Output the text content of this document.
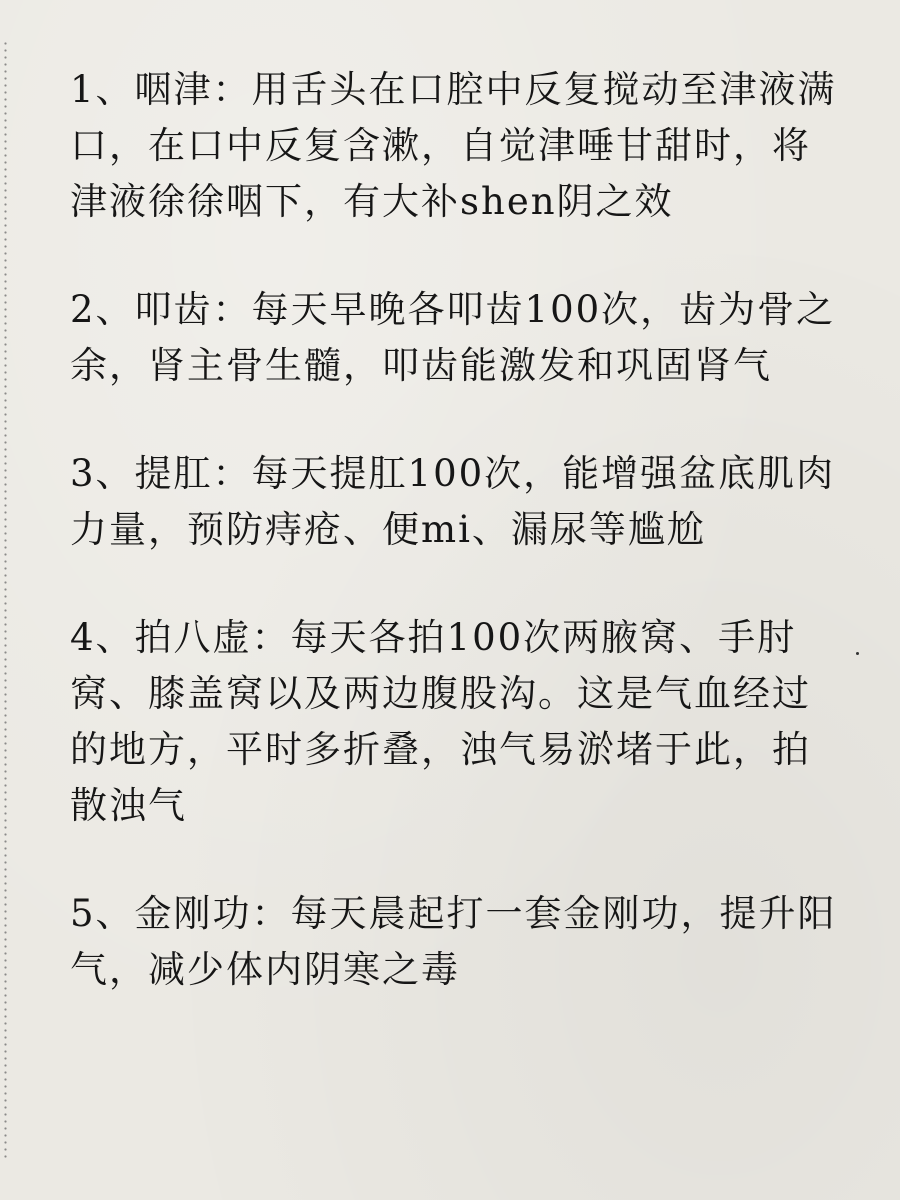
1、咽津：用舌头在口腔中反复搅动至津液满口，在口中反复含漱，自觉津唾甘甜时，将津液徐徐咽下，有大补shen阴之效

2、叩齿：每天早晚各叩齿100次，齿为骨之余，肾主骨生髓，叩齿能激发和巩固肾气

3、提肛：每天提肛100次，能增强盆底肌肉力量，预防痔疮、便mi、漏尿等尴尬

4、拍八虚：每天各拍100次两腋窝、手肘窝、膝盖窝以及两边腹股沟。这是气血经过的地方，平时多折叠，浊气易淤堵于此，拍散浊气

5、金刚功：每天晨起打一套金刚功，提升阳气，减少体内阴寒之毒
